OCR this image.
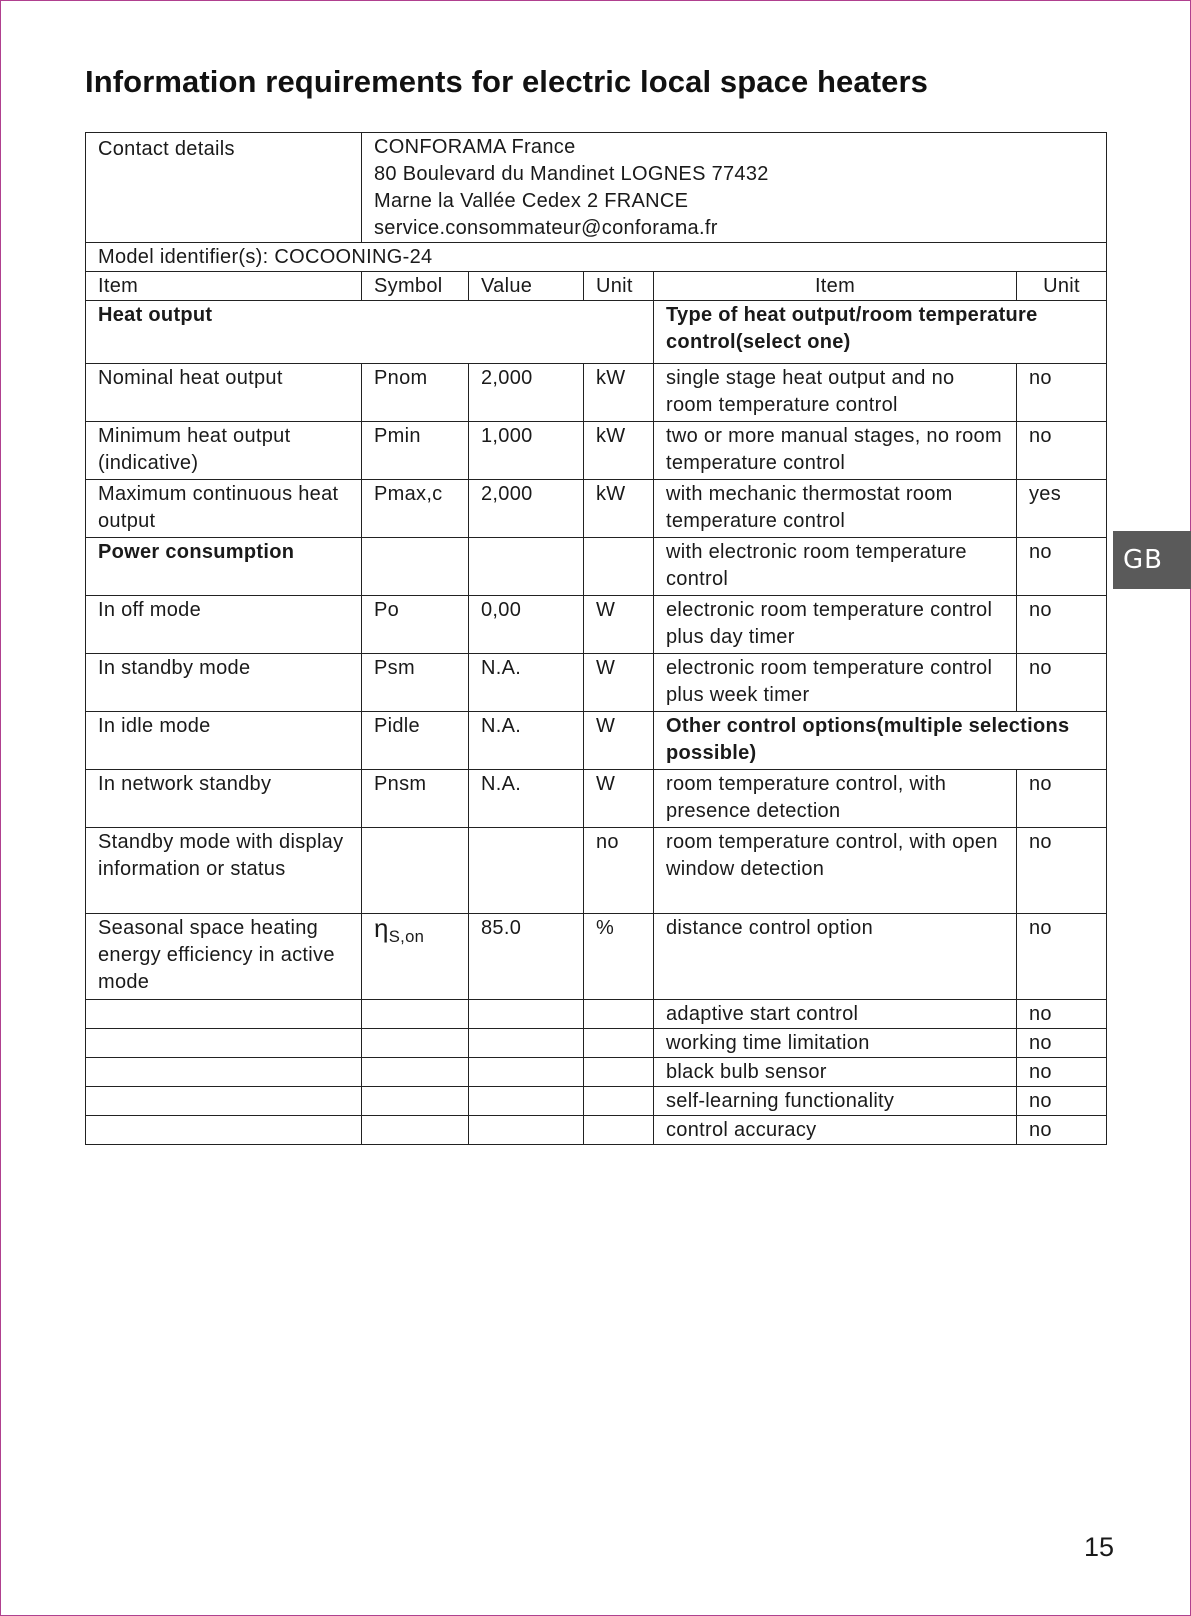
Information requirements for electric local space heaters
Contact details	CONFORAMA France
80 Boulevard du Mandinet LOGNES 77432
Marne la Vallée Cedex 2 FRANCE
service.consommateur@conforama.fr				

Model identifier(s): COCOONING-24					
Item	Symbol	Value	Unit	Item	Unit
Heat output				Type of heat output/room temperature control(select one)	
Nominal heat output	Pnom	2,000	kW	single stage heat output and no room temperature control	no
Minimum heat output (indicative)	Pmin	1,000	kW	two or more manual stages, no room temperature control	no
Maximum continuous heat output	Pmax,c	2,000	kW	with mechanic thermostat room temperature control	yes
Power consumption				with electronic room temperature control	no
In off mode	Po	0,00	W	electronic room temperature control plus day timer	no
In standby mode	Psm	N.A.	W	electronic room temperature control plus week timer	no
In idle mode	Pidle	N.A.	W	Other control options(multiple selections possible)	
In network standby	Pnsm	N.A.	W	room temperature control, with presence detection	no
Standby mode with display information or status			no	room temperature control, with open window detection	no
Seasonal space heating energy efficiency in active mode	$\eta_{S,on}$	85.0	%	distance control option	no
				adaptive start control	no
				working time limitation	no
				black bulb sensor	no
				self-learning functionality	no
				control accuracy	no
GB
15
